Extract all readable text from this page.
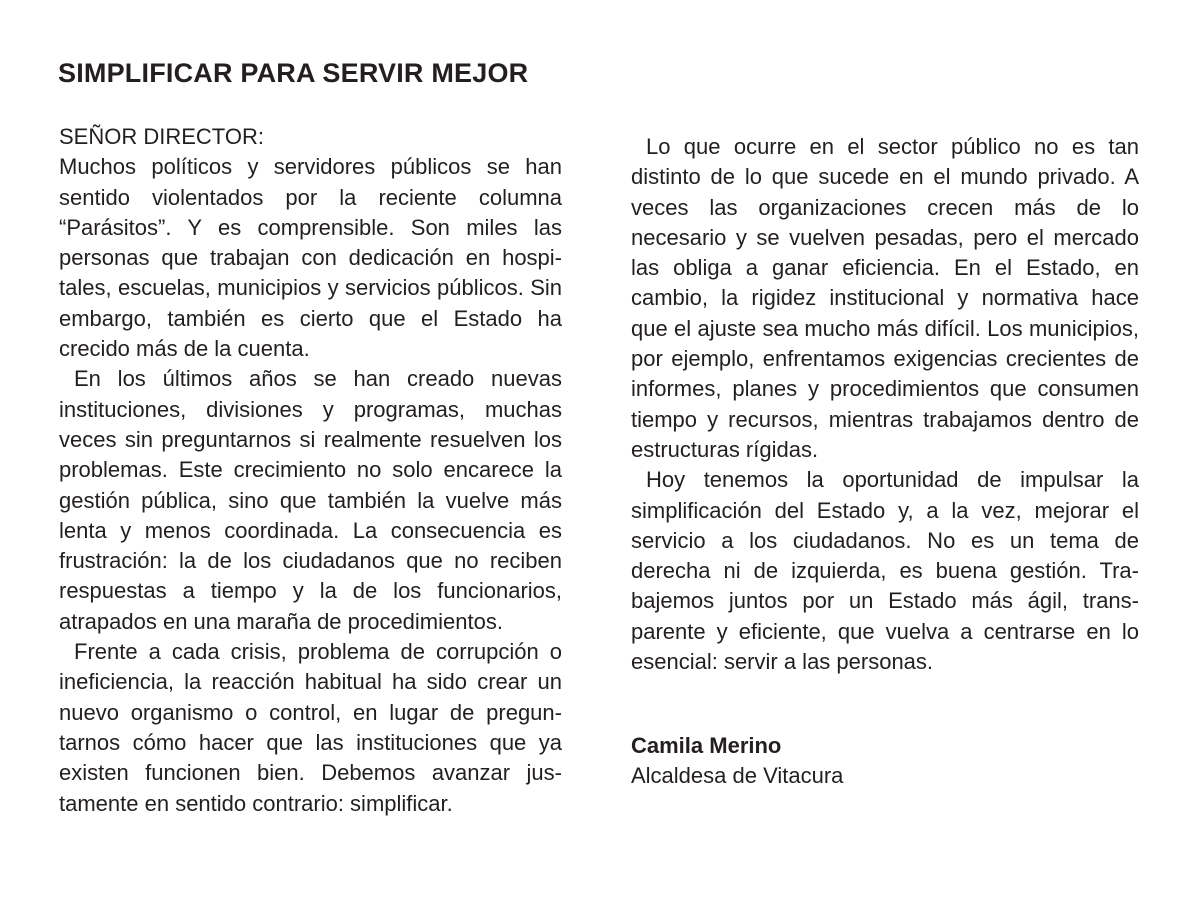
SIMPLIFICAR PARA SERVIR MEJOR
SEÑOR DIRECTOR:

Muchos políticos y servidores públicos se han sentido violentados por la reciente columna “Parásitos”. Y es comprensible. Son miles las personas que trabajan con dedicación en hospitales, escuelas, municipios y servicios públicos. Sin embargo, también es cierto que el Estado ha crecido más de la cuenta.

En los últimos años se han creado nuevas instituciones, divisiones y programas, muchas veces sin preguntarnos si realmente resuelven los problemas. Este crecimiento no solo encarece la gestión pública, sino que también la vuelve más lenta y menos coordinada. La consecuencia es frustración: la de los ciudadanos que no reciben respuestas a tiempo y la de los funcionarios, atrapados en una maraña de procedimientos.

Frente a cada crisis, problema de corrupción o ineficiencia, la reacción habitual ha sido crear un nuevo organismo o control, en lugar de preguntarnos cómo hacer que las instituciones que ya existen funcionen bien. Debemos avanzar justamente en sentido contrario: simplificar.

Lo que ocurre en el sector público no es tan distinto de lo que sucede en el mundo privado. A veces las organizaciones crecen más de lo necesario y se vuelven pesadas, pero el mercado las obliga a ganar eficiencia. En el Estado, en cambio, la rigidez institucional y normativa hace que el ajuste sea mucho más difícil. Los municipios, por ejemplo, enfrentamos exigencias crecientes de informes, planes y procedimientos que consumen tiempo y recursos, mientras trabajamos dentro de estructuras rígidas.

Hoy tenemos la oportunidad de impulsar la simplificación del Estado y, a la vez, mejorar el servicio a los ciudadanos. No es un tema de derecha ni de izquierda, es buena gestión. Trabajemos juntos por un Estado más ágil, transparente y eficiente, que vuelva a centrarse en lo esencial: servir a las personas.

Camila Merino
Alcaldesa de Vitacura
